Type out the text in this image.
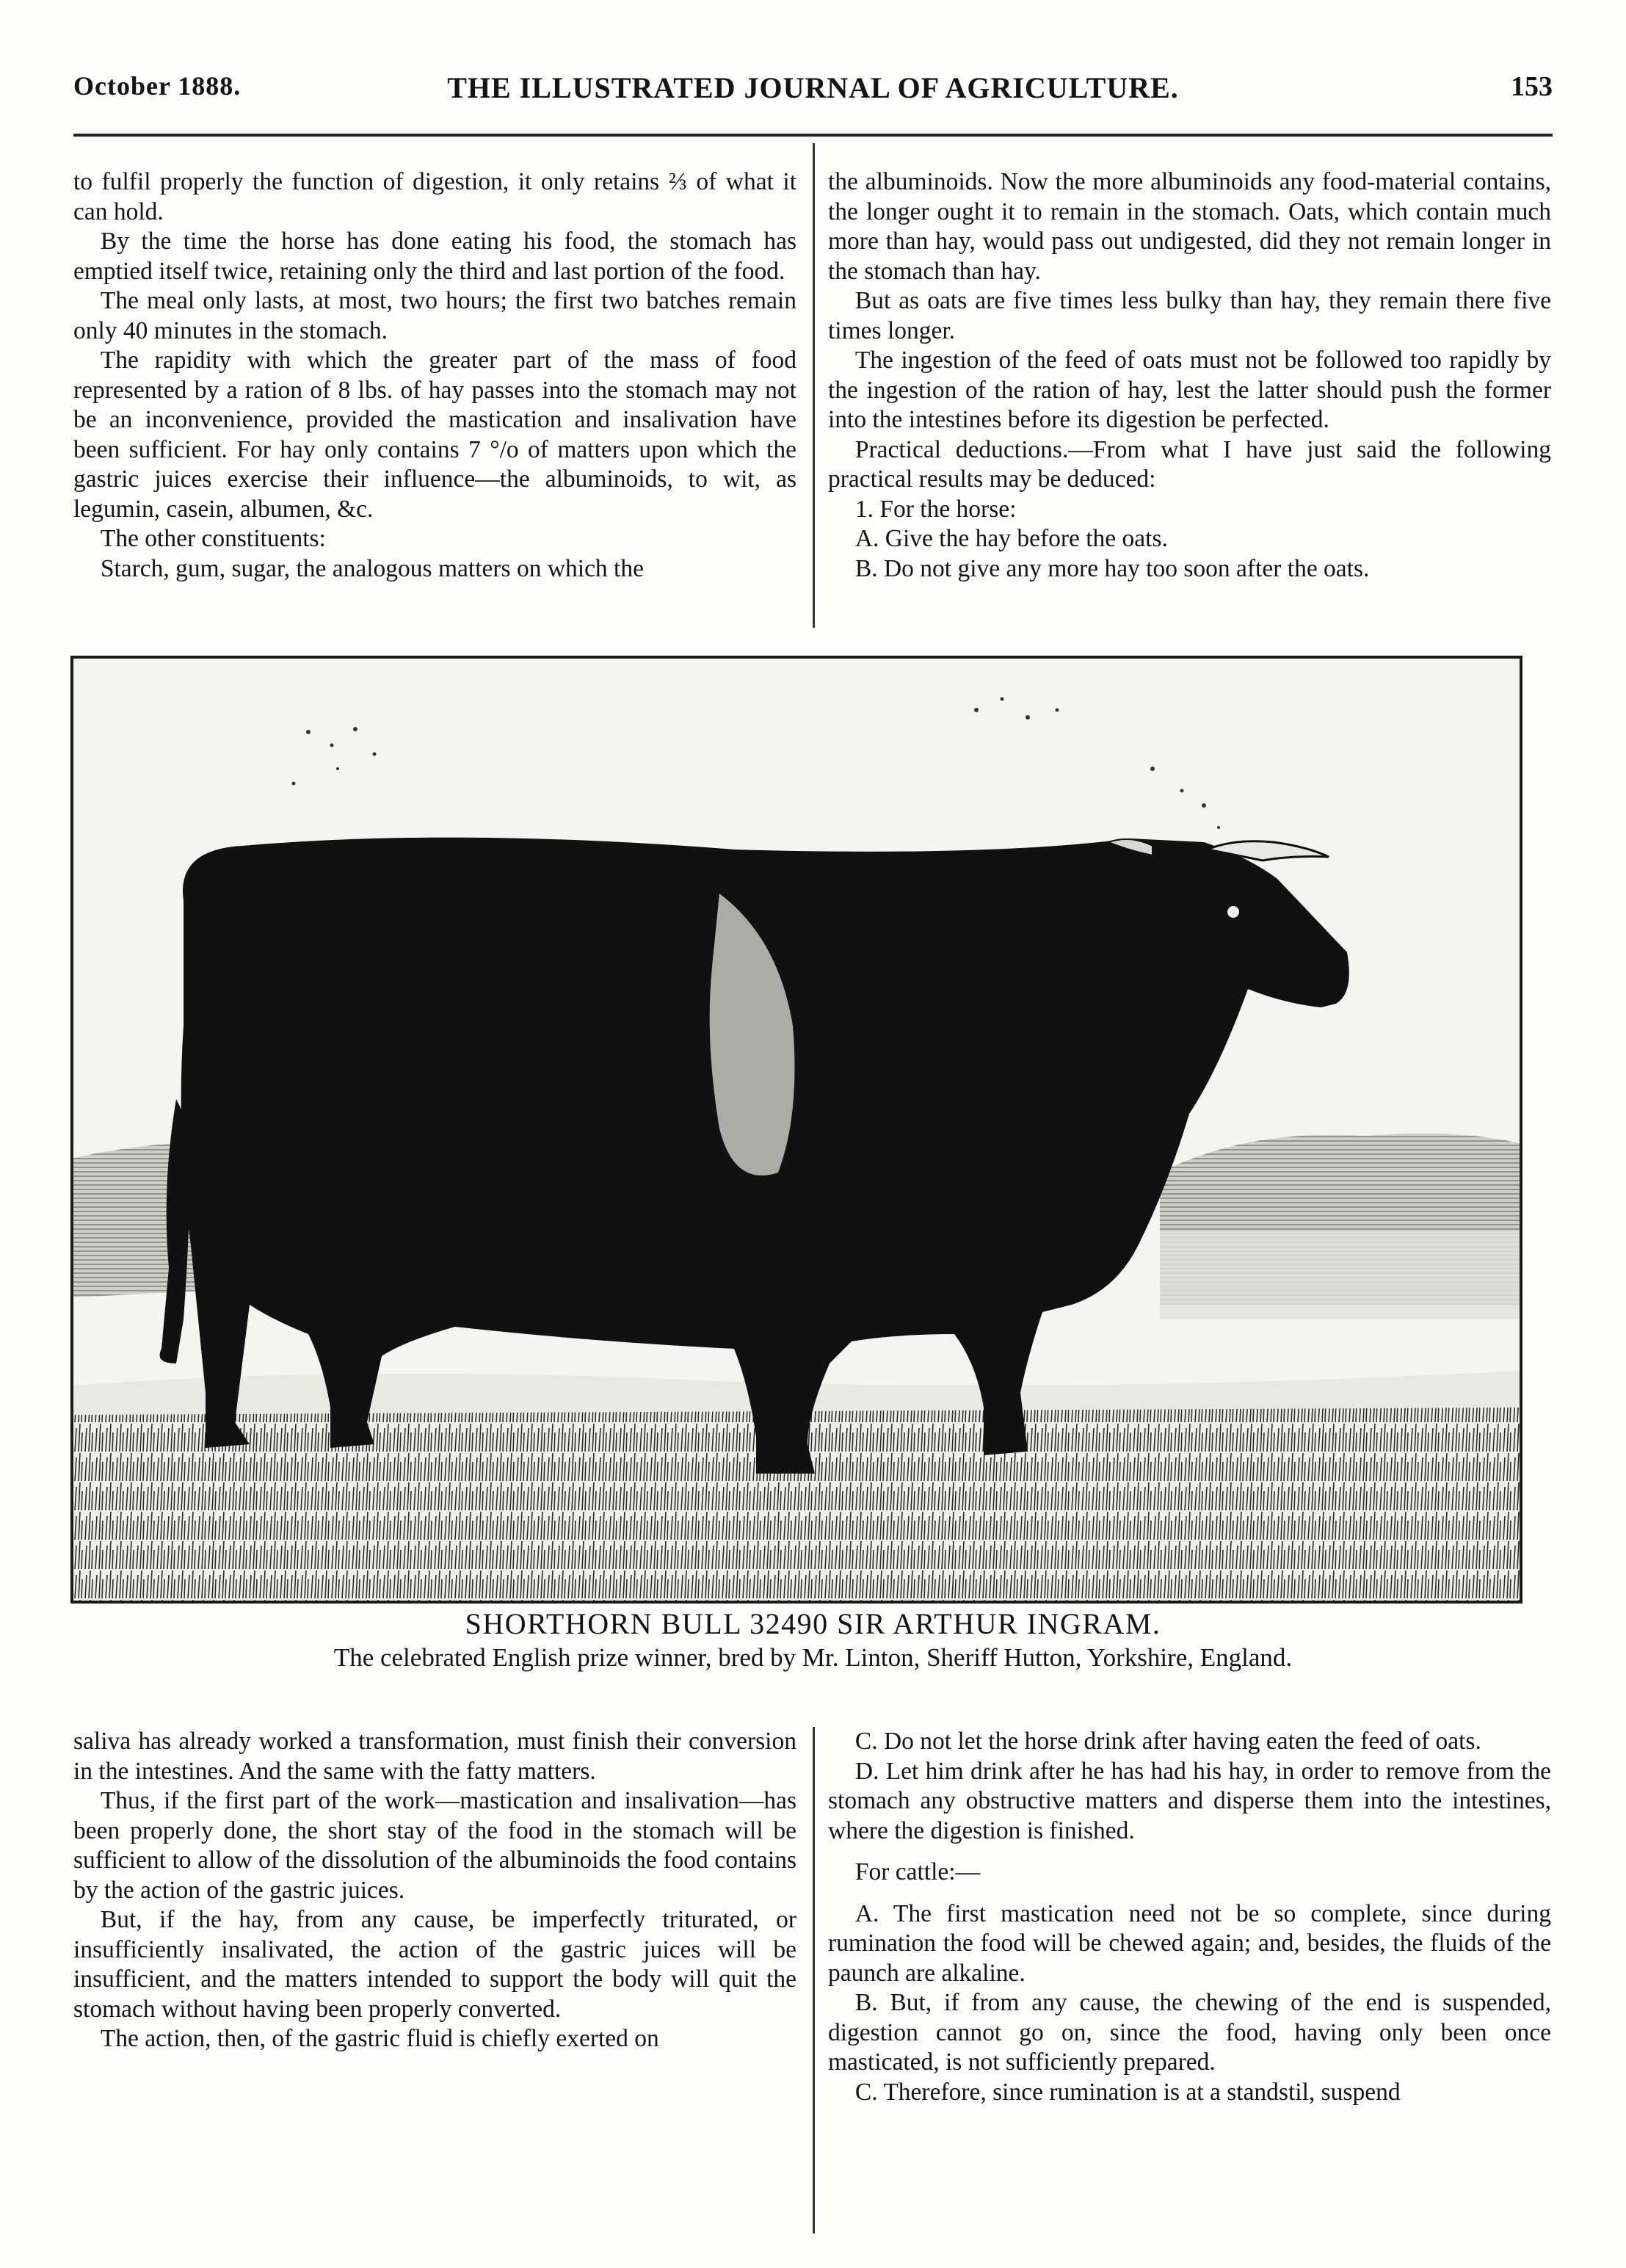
October 1888.	THE ILLUSTRATED JOURNAL OF AGRICULTURE.	153

to fulfil properly the function of digestion, it only retains ⅔ of what it can hold.

By the time the horse has done eating his food, the stomach has emptied itself twice, retaining only the third and last portion of the food.

The meal only lasts, at most, two hours; the first two batches remain only 40 minutes in the stomach.

The rapidity with which the greater part of the mass of food represented by a ration of 8 lbs. of hay passes into the stomach may not be an inconvenience, provided the mastication and insalivation have been sufficient. For hay only contains 7 °/o of matters upon which the gastric juices exercise their influence—the albuminoids, to wit, as legumin, casein, albumen, &c.

The other constituents:

Starch, gum, sugar, the analogous matters on which the

the albuminoids. Now the more albuminoids any food-material contains, the longer ought it to remain in the stomach. Oats, which contain much more than hay, would pass out undigested, did they not remain longer in the stomach than hay.

But as oats are five times less bulky than hay, they remain there five times longer.

The ingestion of the feed of oats must not be followed too rapidly by the ingestion of the ration of hay, lest the latter should push the former into the intestines before its digestion be perfected.

Practical deductions.—From what I have just said the following practical results may be deduced:

1. For the horse:

A. Give the hay before the oats.

B. Do not give any more hay too soon after the oats.

SHORTHORN BULL 32490 SIR ARTHUR INGRAM.
The celebrated English prize winner, bred by Mr. Linton, Sheriff Hutton, Yorkshire, England.

saliva has already worked a transformation, must finish their conversion in the intestines. And the same with the fatty matters.

Thus, if the first part of the work—mastication and insalivation—has been properly done, the short stay of the food in the stomach will be sufficient to allow of the dissolution of the albuminoids the food contains by the action of the gastric juices.

But, if the hay, from any cause, be imperfectly triturated, or insufficiently insalivated, the action of the gastric juices will be insufficient, and the matters intended to support the body will quit the stomach without having been properly converted.

The action, then, of the gastric fluid is chiefly exerted on

C. Do not let the horse drink after having eaten the feed of oats.

D. Let him drink after he has had his hay, in order to remove from the stomach any obstructive matters and disperse them into the intestines, where the digestion is finished.

For cattle:—

A. The first mastication need not be so complete, since during rumination the food will be chewed again; and, besides, the fluids of the paunch are alkaline.

B. But, if from any cause, the chewing of the end is suspended, digestion cannot go on, since the food, having only been once masticated, is not sufficiently prepared.

C. Therefore, since rumination is at a standstil, suspend
